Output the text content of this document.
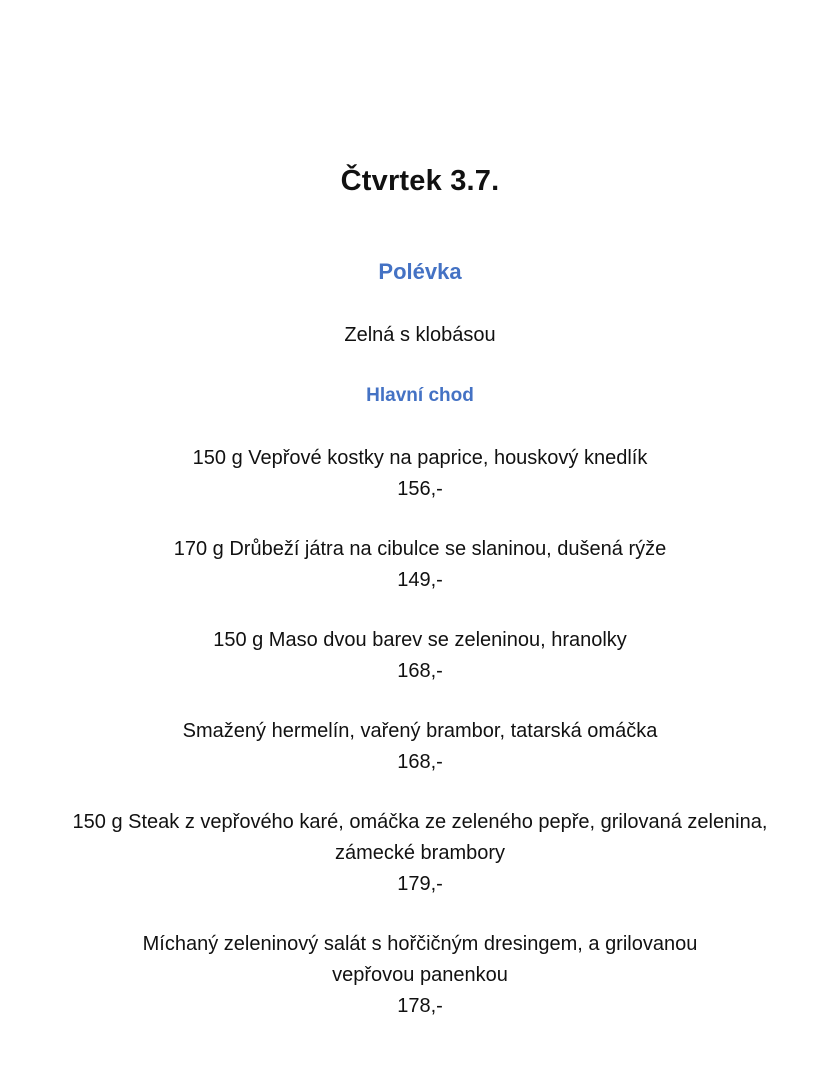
Čtvrtek 3.7.
Polévka
Zelná s klobásou
Hlavní chod
150 g Vepřové kostky na paprice, houskový knedlík
156,-
170 g Drůbeží játra na cibulce se slaninou, dušená rýže
149,-
150 g Maso dvou barev se zeleninou, hranolky
168,-
Smažený hermelín, vařený brambor, tatarská omáčka
168,-
150 g Steak z vepřového karé, omáčka ze zeleného pepře, grilovaná zelenina,
zámecké brambory
179,-
Míchaný zeleninový salát s hořčičným dresingem, a grilovanou
vepřovou panenkou
178,-
